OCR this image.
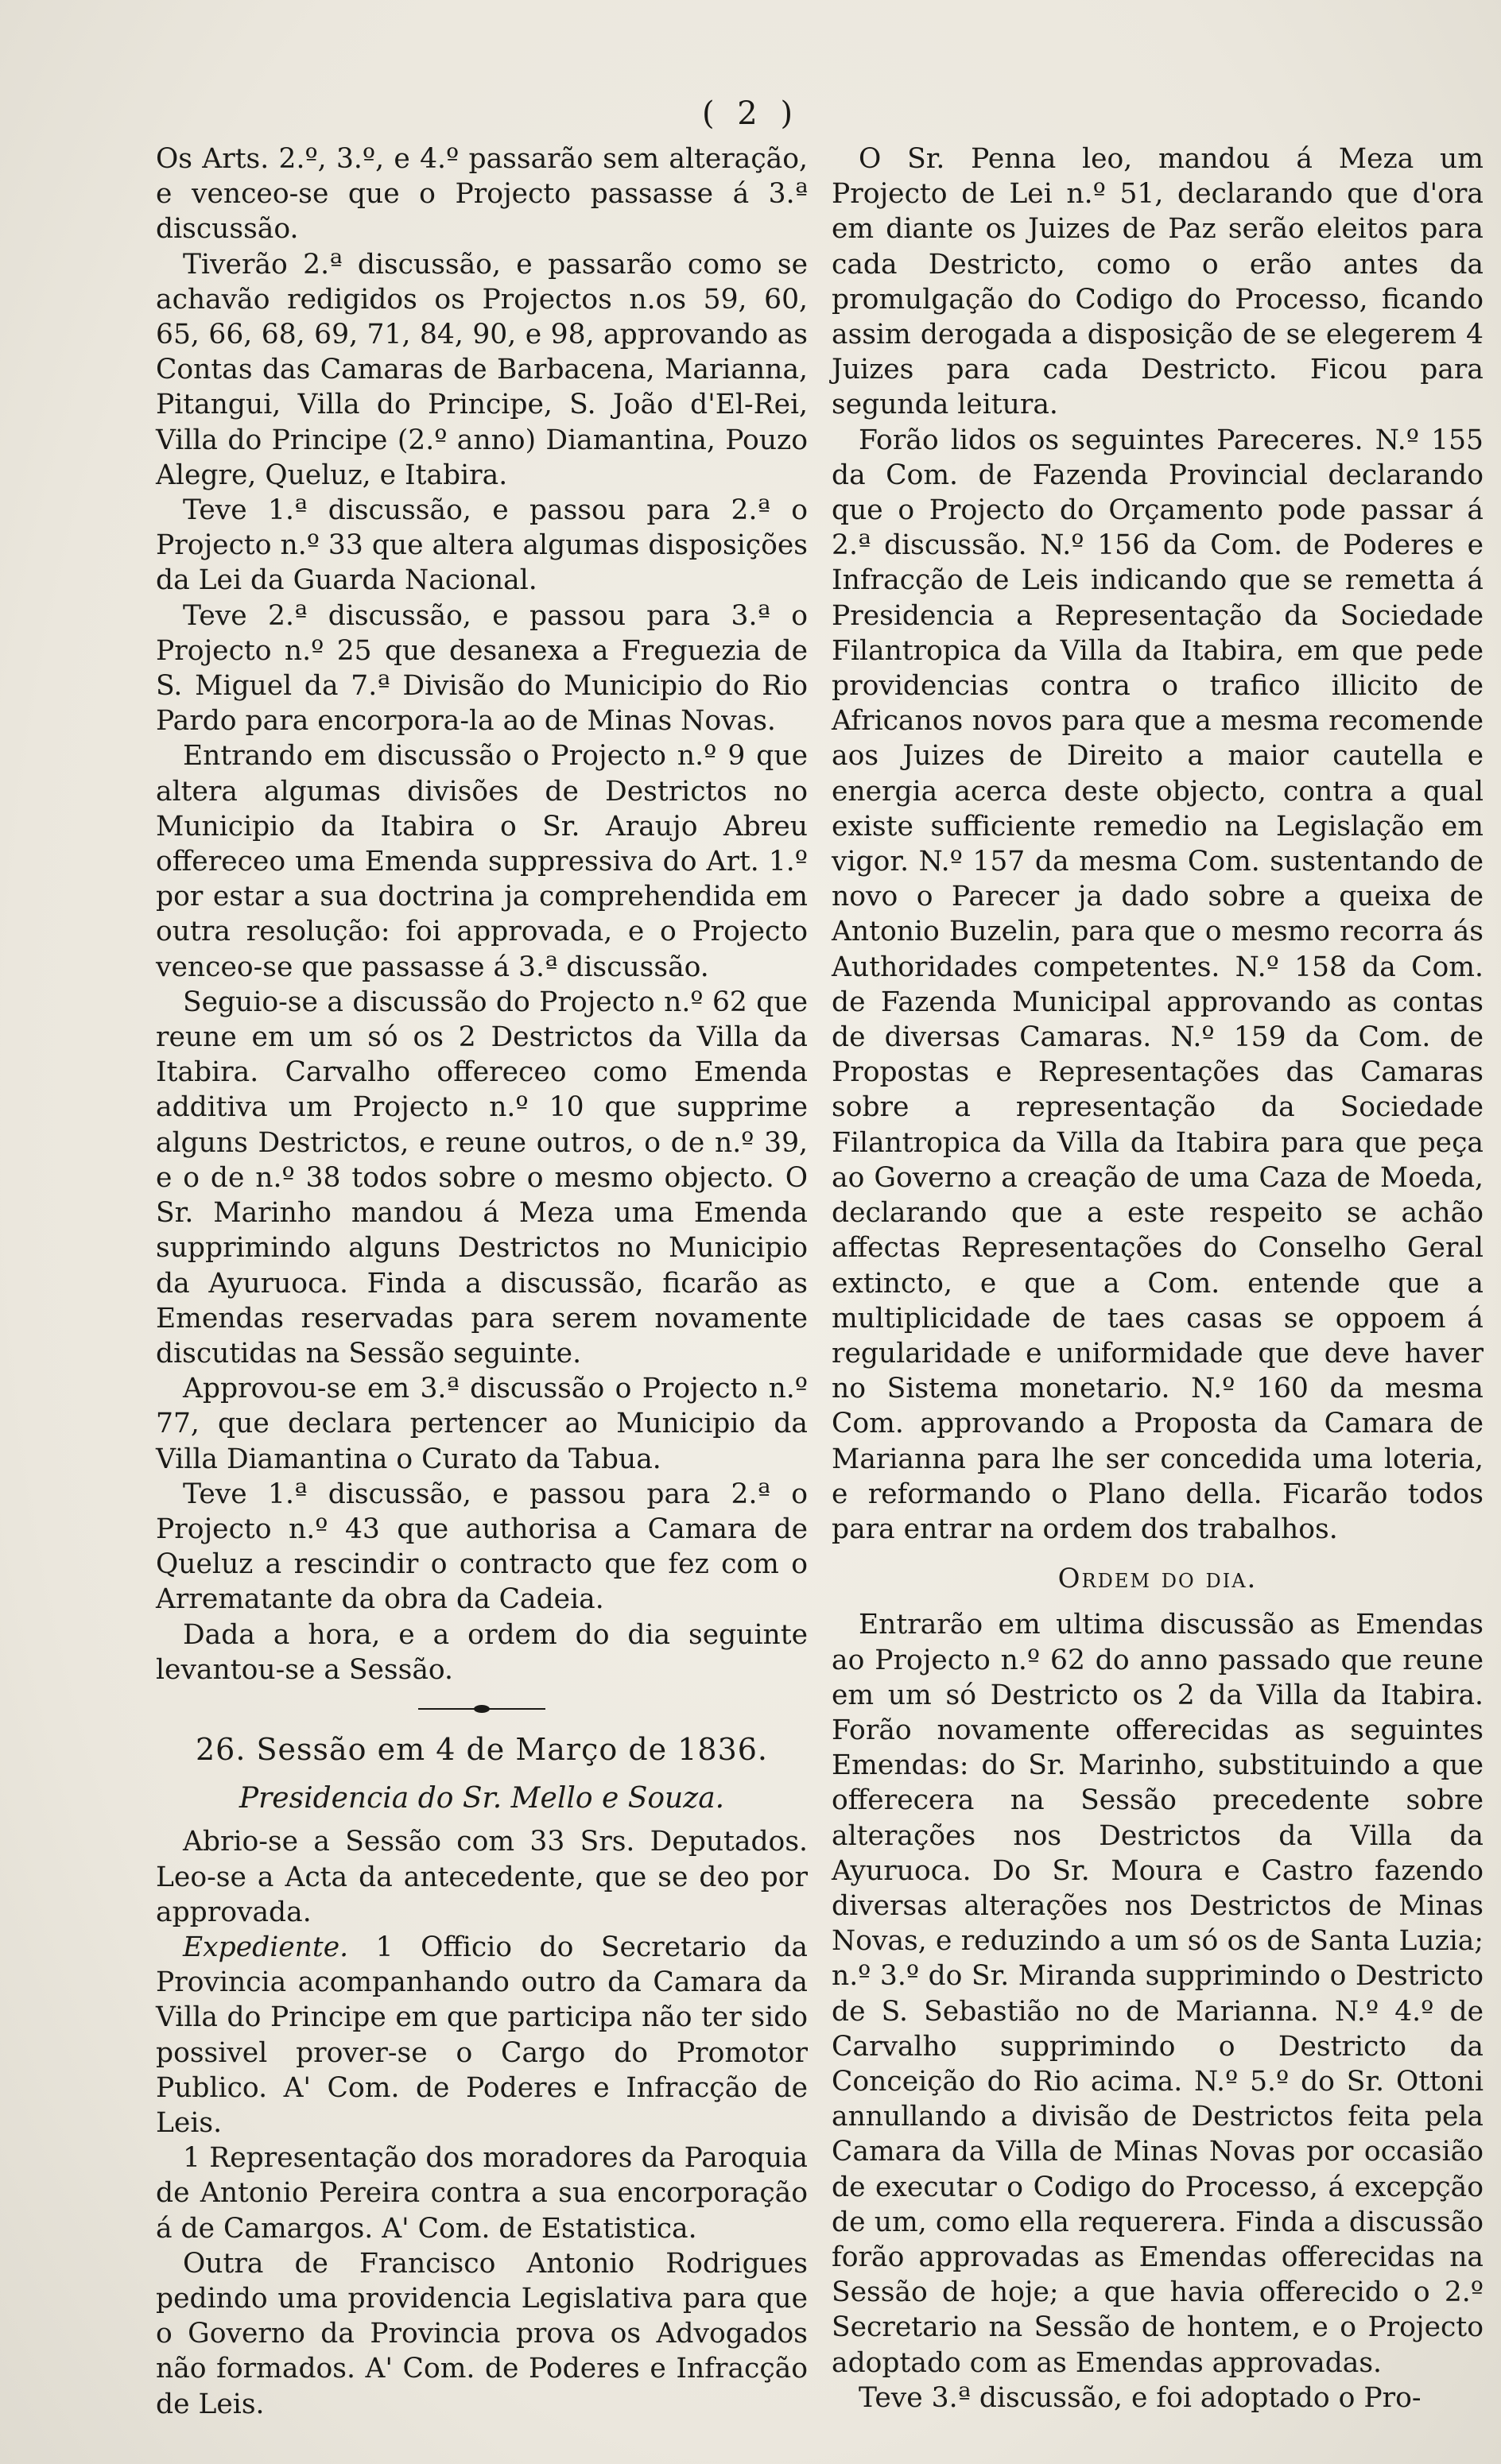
( 2 )

Os Arts. 2.º, 3.º, e 4.º passarão sem alteração, e venceo-se que o Projecto passasse á 3.ª discussão.

Tiverão 2.ª discussão, e passarão como se achavão redigidos os Projectos n.os 59, 60, 65, 66, 68, 69, 71, 84, 90, e 98, approvando as Contas das Camaras de Barbacena, Marianna, Pitangui, Villa do Principe, S. João d'El-Rei, Villa do Principe (2.º anno) Diamantina, Pouzo Alegre, Queluz, e Itabira.

Teve 1.ª discussão, e passou para 2.ª o Projecto n.º 33 que altera algumas disposições da Lei da Guarda Nacional.

Teve 2.ª discussão, e passou para 3.ª o Projecto n.º 25 que desanexa a Freguezia de S. Miguel da 7.ª Divisão do Municipio do Rio Pardo para encorpora-la ao de Minas Novas.

Entrando em discussão o Projecto n.º 9 que altera algumas divisões de Destrictos no Municipio da Itabira o Sr. Araujo Abreu offereceo uma Emenda suppressiva do Art. 1.º por estar a sua doctrina ja comprehendida em outra resolução: foi approvada, e o Projecto venceo-se que passasse á 3.ª discussão.

Seguio-se a discussão do Projecto n.º 62 que reune em um só os 2 Destrictos da Villa da Itabira. Carvalho offereceo como Emenda additiva um Projecto n.º 10 que supprime alguns Destrictos, e reune outros, o de n.º 39, e o de n.º 38 todos sobre o mesmo objecto. O Sr. Marinho mandou á Meza uma Emenda supprimindo alguns Destrictos no Municipio da Ayuruoca. Finda a discussão, ficarão as Emendas reservadas para serem novamente discutidas na Sessão seguinte.

Approvou-se em 3.ª discussão o Projecto n.º 77, que declara pertencer ao Municipio da Villa Diamantina o Curato da Tabua.

Teve 1.ª discussão, e passou para 2.ª o Projecto n.º 43 que authorisa a Camara de Queluz a rescindir o contracto que fez com o Arrematante da obra da Cadeia.

Dada a hora, e a ordem do dia seguinte levantou-se a Sessão.

26. Sessão em 4 de Março de 1836.
Presidencia do Sr. Mello e Souza.

Abrio-se a Sessão com 33 Srs. Deputados. Leo-se a Acta da antecedente, que se deo por approvada.

Expediente. 1 Officio do Secretario da Provincia acompanhando outro da Camara da Villa do Principe em que participa não ter sido possivel prover-se o Cargo do Promotor Publico. A' Com. de Poderes e Infracção de Leis.

1 Representação dos moradores da Paroquia de Antonio Pereira contra a sua encorporação á de Camargos. A' Com. de Estatistica.

Outra de Francisco Antonio Rodrigues pedindo uma providencia Legislativa para que o Governo da Provincia prova os Advogados não formados. A' Com. de Poderes e Infracção de Leis.

O Sr. Penna leo, mandou á Meza um Projecto de Lei n.º 51, declarando que d'ora em diante os Juizes de Paz serão eleitos para cada Destricto, como o erão antes da promulgação do Codigo do Processo, ficando assim derogada a disposição de se elegerem 4 Juizes para cada Destricto. Ficou para segunda leitura.

Forão lidos os seguintes Pareceres. N.º 155 da Com. de Fazenda Provincial declarando que o Projecto do Orçamento pode passar á 2.ª discussão. N.º 156 da Com. de Poderes e Infracção de Leis indicando que se remetta á Presidencia a Representação da Sociedade Filantropica da Villa da Itabira, em que pede providencias contra o trafico illicito de Africanos novos para que a mesma recomende aos Juizes de Direito a maior cautella e energia acerca deste objecto, contra a qual existe sufficiente remedio na Legislação em vigor. N.º 157 da mesma Com. sustentando de novo o Parecer ja dado sobre a queixa de Antonio Buzelin, para que o mesmo recorra ás Authoridades competentes. N.º 158 da Com. de Fazenda Municipal approvando as contas de diversas Camaras. N.º 159 da Com. de Propostas e Representações das Camaras sobre a representação da Sociedade Filantropica da Villa da Itabira para que peça ao Governo a creação de uma Caza de Moeda, declarando que a este respeito se achão affectas Representações do Conselho Geral extincto, e que a Com. entende que a multiplicidade de taes casas se oppoem á regularidade e uniformidade que deve haver no Sistema monetario. N.º 160 da mesma Com. approvando a Proposta da Camara de Marianna para lhe ser concedida uma loteria, e reformando o Plano della. Ficarão todos para entrar na ordem dos trabalhos.

Ordem do dia.

Entrarão em ultima discussão as Emendas ao Projecto n.º 62 do anno passado que reune em um só Destricto os 2 da Villa da Itabira. Forão novamente offerecidas as seguintes Emendas: do Sr. Marinho, substituindo a que offerecera na Sessão precedente sobre alterações nos Destrictos da Villa da Ayuruoca. Do Sr. Moura e Castro fazendo diversas alterações nos Destrictos de Minas Novas, e reduzindo a um só os de Santa Luzia; n.º 3.º do Sr. Miranda supprimindo o Destricto de S. Sebastião no de Marianna. N.º 4.º de Carvalho supprimindo o Destricto da Conceição do Rio acima. N.º 5.º do Sr. Ottoni annullando a divisão de Destrictos feita pela Camara da Villa de Minas Novas por occasião de executar o Codigo do Processo, á excepção de um, como ella requerera. Finda a discussão forão approvadas as Emendas offerecidas na Sessão de hoje; a que havia offerecido o 2.º Secretario na Sessão de hontem, e o Projecto adoptado com as Emendas approvadas.

Teve 3.ª discussão, e foi adoptado o Pro-
